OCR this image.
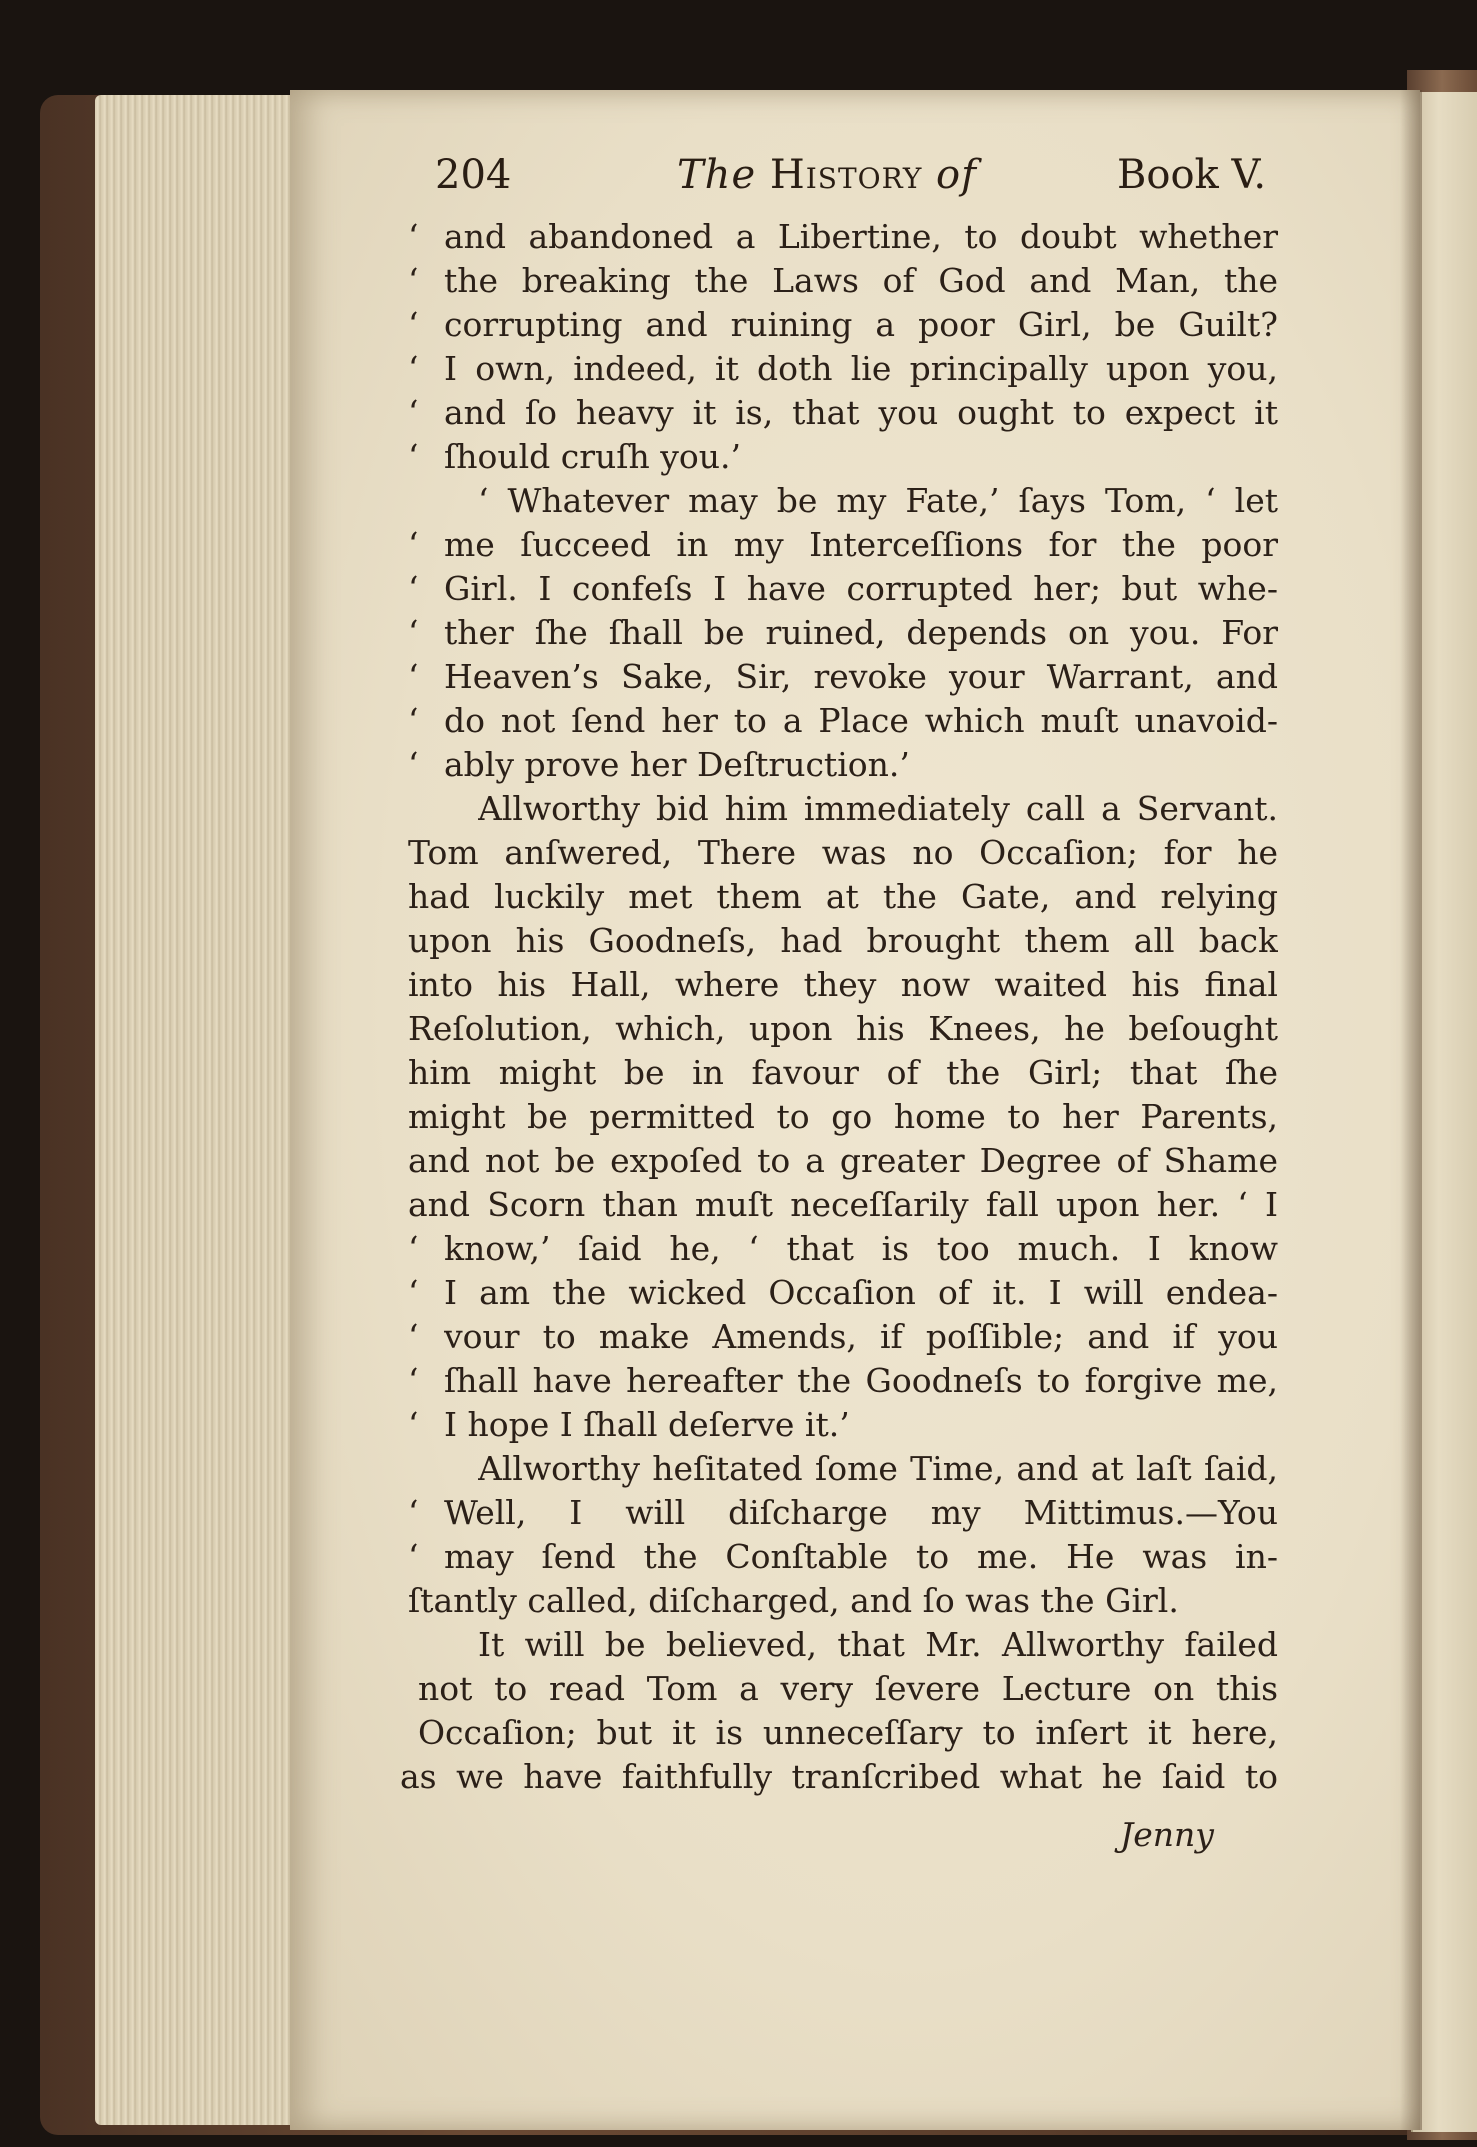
204	The History of	Book V.
‘ and abandoned a Libertine, to doubt whether
‘ the breaking the Laws of God and Man, the
‘ corrupting and ruining a poor Girl, be Guilt?
‘ I own, indeed, it doth lie principally upon you,
‘ and ſo heavy it is, that you ought to expect it
‘ ſhould cruſh you.’
‘ Whatever may be my Fate,’ ſays Tom, ‘ let
‘ me ſucceed in my Interceſſions for the poor
‘ Girl. I confeſs I have corrupted her; but whe-
‘ ther ſhe ſhall be ruined, depends on you. For
‘ Heaven’s Sake, Sir, revoke your Warrant, and
‘ do not ſend her to a Place which muſt unavoid-
‘ ably prove her Deſtruction.’
Allworthy bid him immediately call a Servant.
Tom anſwered, There was no Occaſion; for he
had luckily met them at the Gate, and relying
upon his Goodneſs, had brought them all back
into his Hall, where they now waited his final
Reſolution, which, upon his Knees, he beſought
him might be in favour of the Girl; that ſhe
might be permitted to go home to her Parents,
and not be expoſed to a greater Degree of Shame
and Scorn than muſt neceſſarily fall upon her. ‘ I
‘ know,’ ſaid he, ‘ that is too much. I know
‘ I am the wicked Occaſion of it. I will endea-
‘ vour to make Amends, if poſſible; and if you
‘ ſhall have hereafter the Goodneſs to forgive me,
‘ I hope I ſhall deſerve it.’
Allworthy heſitated ſome Time, and at laſt ſaid,
‘ Well, I will diſcharge my Mittimus.—You
‘ may ſend the Conſtable to me. He was in-
ſtantly called, diſcharged, and ſo was the Girl.
It will be believed, that Mr. Allworthy failed
not to read Tom a very ſevere Lecture on this
Occaſion; but it is unneceſſary to inſert it here,
as we have faithfully tranſcribed what he ſaid to
Jenny
